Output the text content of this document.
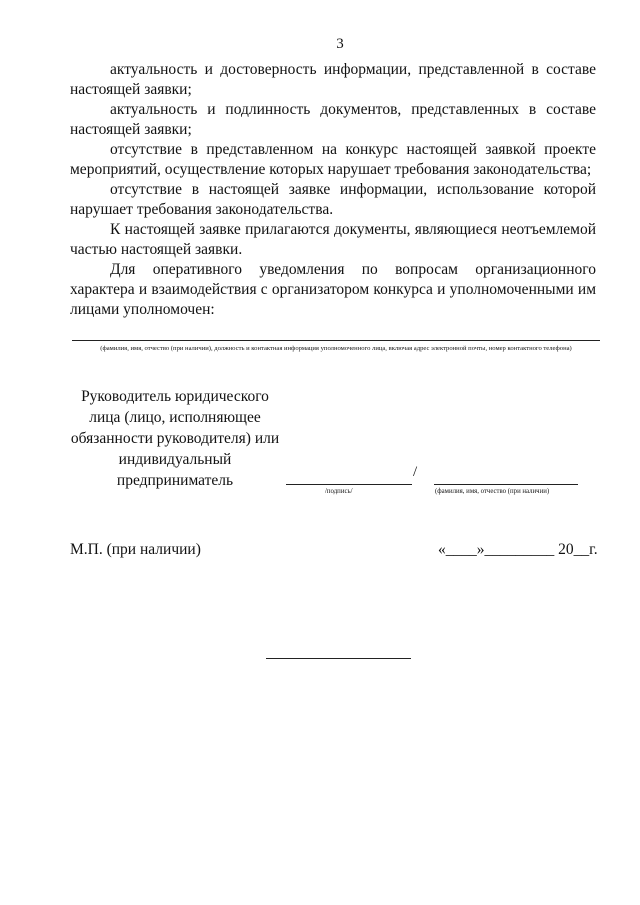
3

актуальность и достоверность информации, представленной в составе настоящей заявки;

актуальность и подлинность документов, представленных в составе настоящей заявки;

отсутствие в представленном на конкурс настоящей заявкой проекте мероприятий, осуществление которых нарушает требования законодательства;

отсутствие в настоящей заявке информации, использование которой нарушает требования законодательства.

К настоящей заявке прилагаются документы, являющиеся неотъемлемой частью настоящей заявки.

Для оперативного уведомления по вопросам организационного характера и взаимодействия с организатором конкурса и уполномоченными им лицами уполномочен:

(фамилия, имя, отчество (при наличии), должность и контактная информация уполномоченного лица, включая адрес электронной почты, номер контактного телефона)
Руководитель юридического лица (лицо, исполняющее обязанности руководителя) или индивидуальный предприниматель	/
/подпись/	(фамилия, имя, отчество (при наличии)
М.П. (при наличии)	«____»_________ 20__г.
